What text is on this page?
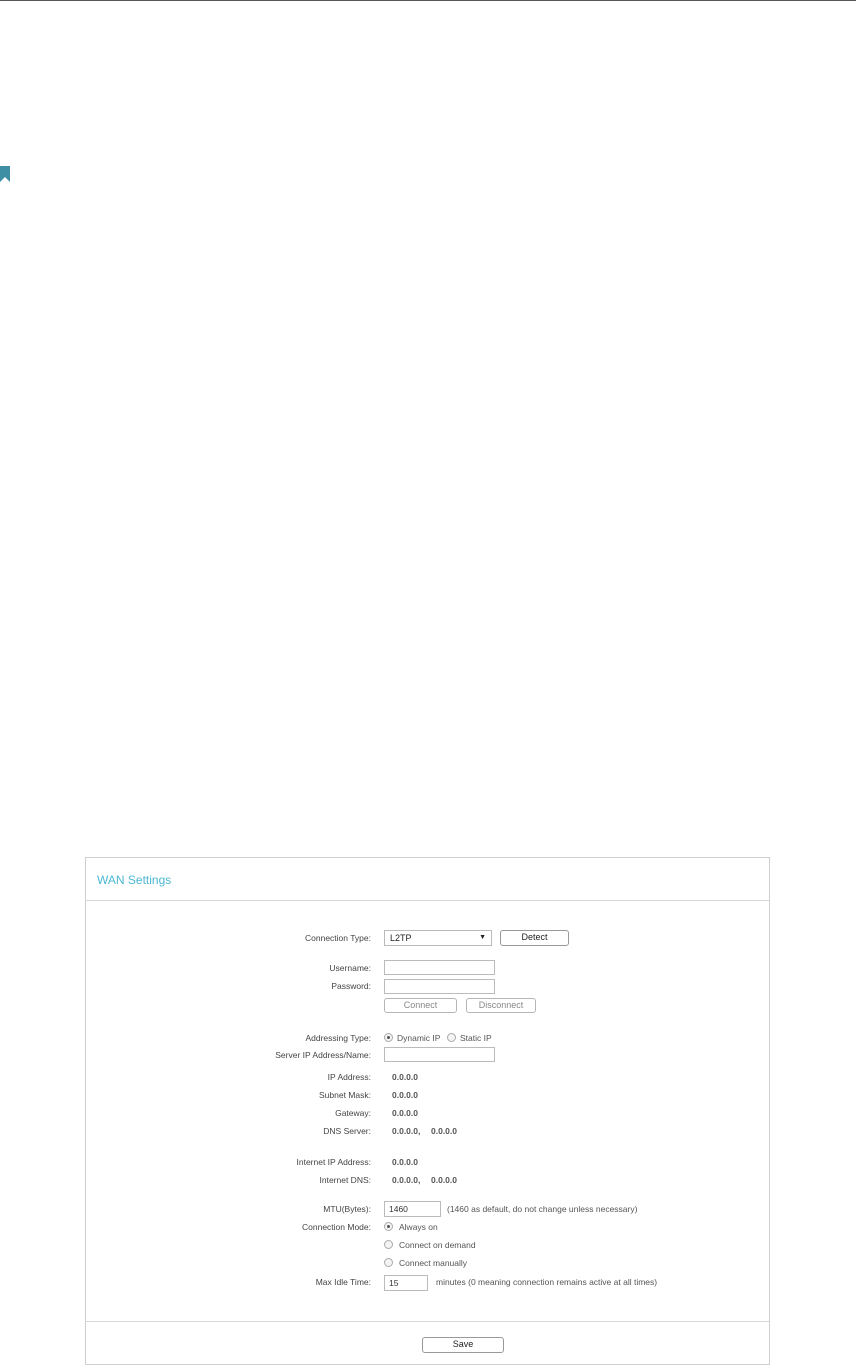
WAN Settings
Connection Type:	L2TP	▼	Detect
Username:
Password:
Connect	Disconnect
Addressing Type:	Dynamic IP Static IP
Server IP Address/Name:
IP Address: 0.0.0.0
Subnet Mask: 0.0.0.0
Gateway: 0.0.0.0
DNS Server: 0.0.0.0, 0.0.0.0
Internet IP Address: 0.0.0.0
Internet DNS: 0.0.0.0, 0.0.0.0
MTU(Bytes):
1460	(1460 as default, do not change unless necessary)
Connection Mode:	Always on
Connect on demand
Connect manually
Max Idle Time:
15	minutes (0 meaning connection remains active at all times)
Save
